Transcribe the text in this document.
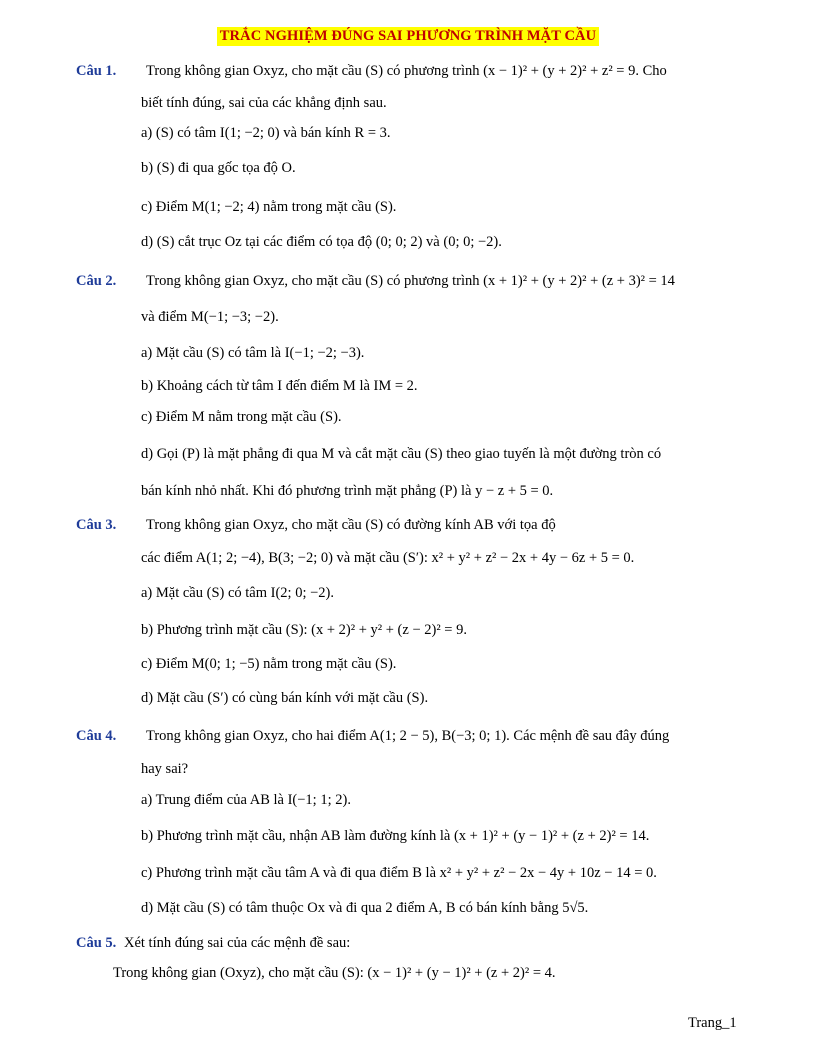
TRẮC NGHIỆM ĐÚNG SAI PHƯƠNG TRÌNH MẶT CẦU
Câu 1. Trong không gian Oxyz, cho mặt cầu (S) có phương trình (x − 1)² + (y + 2)² + z² = 9. Cho
biết tính đúng, sai của các khẳng định sau.
a) (S) có tâm I(1; −2; 0) và bán kính R = 3.
b) (S) đi qua gốc tọa độ O.
c) Điểm M(1; −2; 4) nằm trong mặt cầu (S).
d) (S) cắt trục Oz tại các điểm có tọa độ (0; 0; 2) và (0; 0; −2).
Câu 2. Trong không gian Oxyz, cho mặt cầu (S) có phương trình (x + 1)² + (y + 2)² + (z + 3)² = 14
và điểm M(−1; −3; −2).
a) Mặt cầu (S) có tâm là I(−1; −2; −3).
b) Khoảng cách từ tâm I đến điểm M là IM = 2.
c) Điểm M nằm trong mặt cầu (S).
d) Gọi (P) là mặt phẳng đi qua M và cắt mặt cầu (S) theo giao tuyến là một đường tròn có
bán kính nhỏ nhất. Khi đó phương trình mặt phẳng (P) là y − z + 5 = 0.
Câu 3. Trong không gian Oxyz, cho mặt cầu (S) có đường kính AB với tọa độ
các điểm A(1; 2; −4), B(3; −2; 0) và mặt cầu (S′): x² + y² + z² − 2x + 4y − 6z + 5 = 0.
a) Mặt cầu (S) có tâm I(2; 0; −2).
b) Phương trình mặt cầu (S): (x + 2)² + y² + (z − 2)² = 9.
c) Điểm M(0; 1; −5) nằm trong mặt cầu (S).
d) Mặt cầu (S′) có cùng bán kính với mặt cầu (S).
Câu 4. Trong không gian Oxyz, cho hai điểm A(1; 2 − 5), B(−3; 0; 1). Các mệnh đề sau đây đúng
hay sai?
a) Trung điểm của AB là I(−1; 1; 2).
b) Phương trình mặt cầu, nhận AB làm đường kính là (x + 1)² + (y − 1)² + (z + 2)² = 14.
c) Phương trình mặt cầu tâm A và đi qua điểm B là x² + y² + z² − 2x − 4y + 10z − 14 = 0.
d) Mặt cầu (S) có tâm thuộc Ox và đi qua 2 điểm A, B có bán kính bằng 5√5.
Câu 5. Xét tính đúng sai của các mệnh đề sau:
Trong không gian (Oxyz), cho mặt cầu (S): (x − 1)² + (y − 1)² + (z + 2)² = 4.
Trang_1
